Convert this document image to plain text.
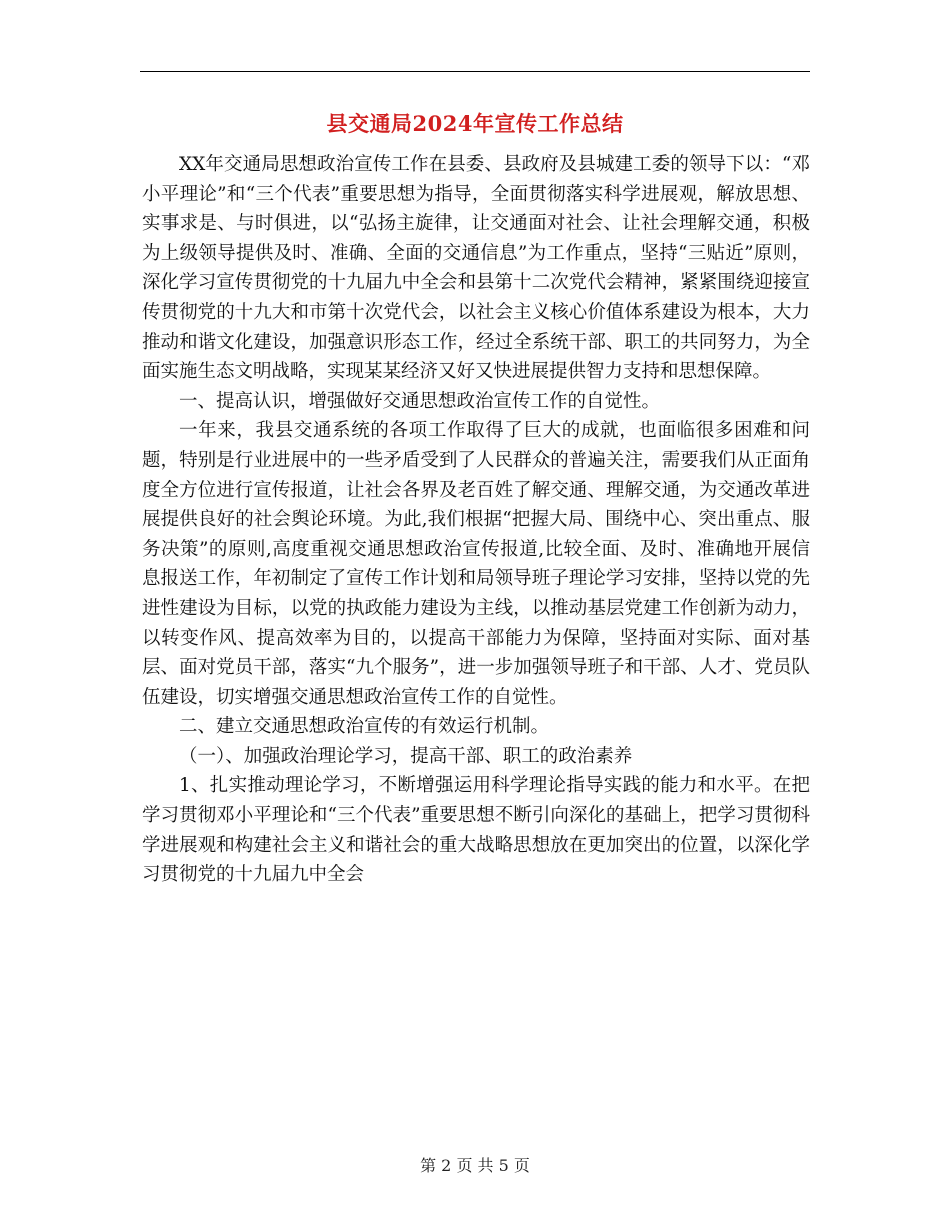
县交通局2024年宣传工作总结

XX年交通局思想政治宣传工作在县委、县政府及县城建工委的领导下以：“邓小平理论”和“三个代表”重要思想为指导，全面贯彻落实科学进展观，解放思想、实事求是、与时俱进，以“弘扬主旋律，让交通面对社会、让社会理解交通，积极为上级领导提供及时、准确、全面的交通信息”为工作重点，坚持“三贴近”原则，深化学习宣传贯彻党的十九届九中全会和县第十二次党代会精神，紧紧围绕迎接宣传贯彻党的十九大和市第十次党代会，以社会主义核心价值体系建设为根本，大力推动和谐文化建设，加强意识形态工作，经过全系统干部、职工的共同努力，为全面实施生态文明战略，实现某某经济又好又快进展提供智力支持和思想保障。

一、提高认识，增强做好交通思想政治宣传工作的自觉性。

一年来，我县交通系统的各项工作取得了巨大的成就，也面临很多困难和问题，特别是行业进展中的一些矛盾受到了人民群众的普遍关注，需要我们从正面角度全方位进行宣传报道，让社会各界及老百姓了解交通、理解交通，为交通改革进展提供良好的社会舆论环境。为此,我们根据“把握大局、围绕中心、突出重点、服务决策”的原则,高度重视交通思想政治宣传报道,比较全面、及时、准确地开展信息报送工作，年初制定了宣传工作计划和局领导班子理论学习安排，坚持以党的先进性建设为目标，以党的执政能力建设为主线，以推动基层党建工作创新为动力，以转变作风、提高效率为目的，以提高干部能力为保障，坚持面对实际、面对基层、面对党员干部，落实“九个服务”，进一步加强领导班子和干部、人才、党员队伍建设，切实增强交通思想政治宣传工作的自觉性。

二、建立交通思想政治宣传的有效运行机制。

（一）、加强政治理论学习，提高干部、职工的政治素养

1、扎实推动理论学习，不断增强运用科学理论指导实践的能力和水平。在把学习贯彻邓小平理论和“三个代表”重要思想不断引向深化的基础上，把学习贯彻科学进展观和构建社会主义和谐社会的重大战略思想放在更加突出的位置，以深化学习贯彻党的十九届九中全会

第 2 页 共 5 页
